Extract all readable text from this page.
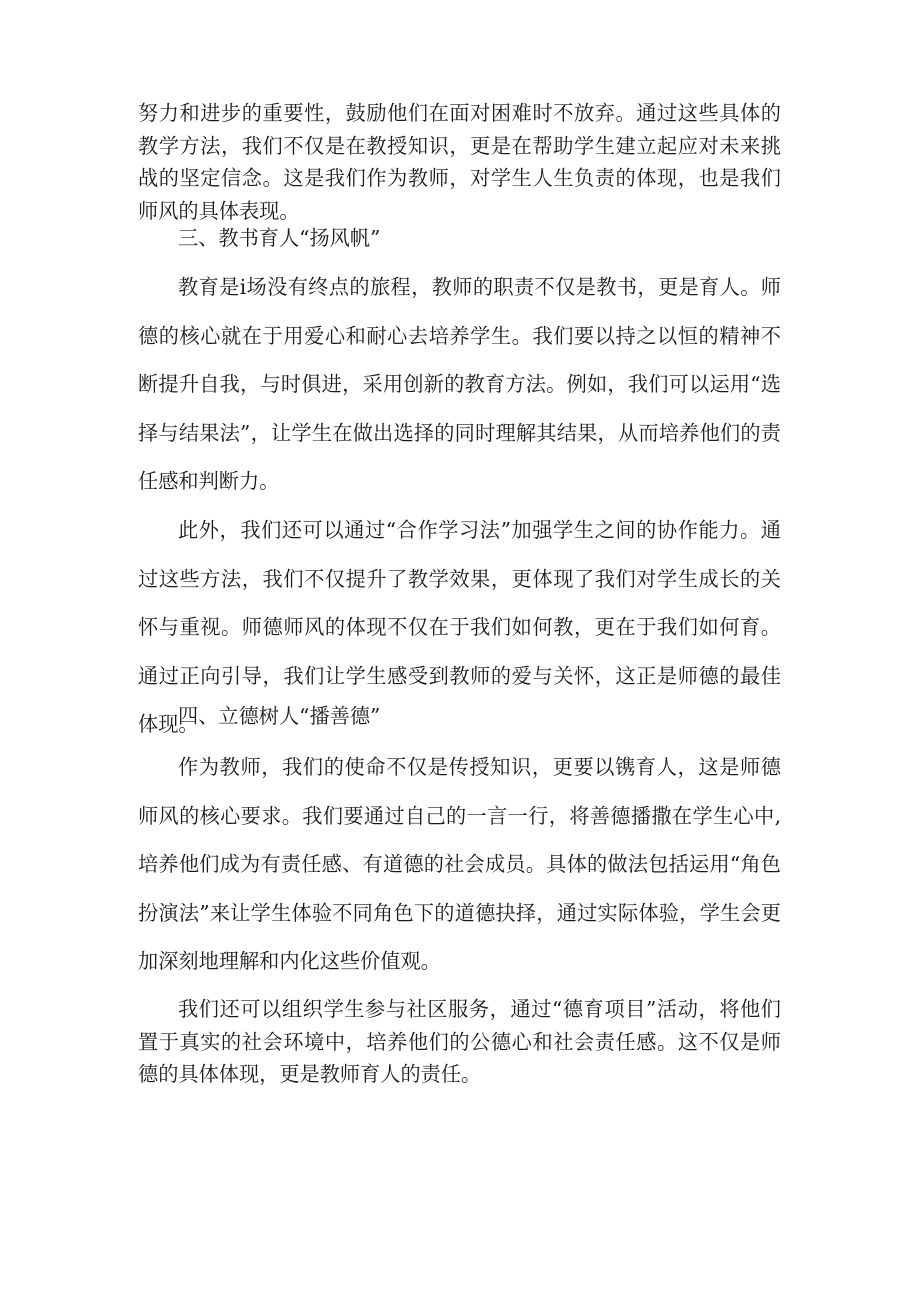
努力和进步的重要性，鼓励他们在面对困难时不放弃。通过这些具体的教学方法，我们不仅是在教授知识，更是在帮助学生建立起应对未来挑战的坚定信念。这是我们作为教师，对学生人生负责的体现，也是我们师风的具体表现。

三、教书育人“扬风帆”

教育是i场没有终点的旅程，教师的职责不仅是教书，更是育人。师德的核心就在于用爱心和耐心去培养学生。我们要以持之以恒的精神不断提升自我，与时俱进，采用创新的教育方法。例如，我们可以运用“选择与结果法”，让学生在做出选择的同时理解其结果，从而培养他们的责任感和判断力。

此外，我们还可以通过“合作学习法”加强学生之间的协作能力。通过这些方法，我们不仅提升了教学效果，更体现了我们对学生成长的关怀与重视。师德师风的体现不仅在于我们如何教，更在于我们如何育。通过正向引导，我们让学生感受到教师的爱与关怀，这正是师德的最佳体现。

四、立德树人“播善德”

作为教师，我们的使命不仅是传授知识，更要以镌育人，这是师德师风的核心要求。我们要通过自己的一言一行，将善德播撒在学生心中,培养他们成为有责任感、有道德的社会成员。具体的做法包括运用“角色扮演法”来让学生体验不同角色下的道德抉择，通过实际体验，学生会更加深刻地理解和内化这些价值观。

我们还可以组织学生参与社区服务，通过“德育项目”活动，将他们置于真实的社会环境中，培养他们的公德心和社会责任感。这不仅是师德的具体体现，更是教师育人的责任。
